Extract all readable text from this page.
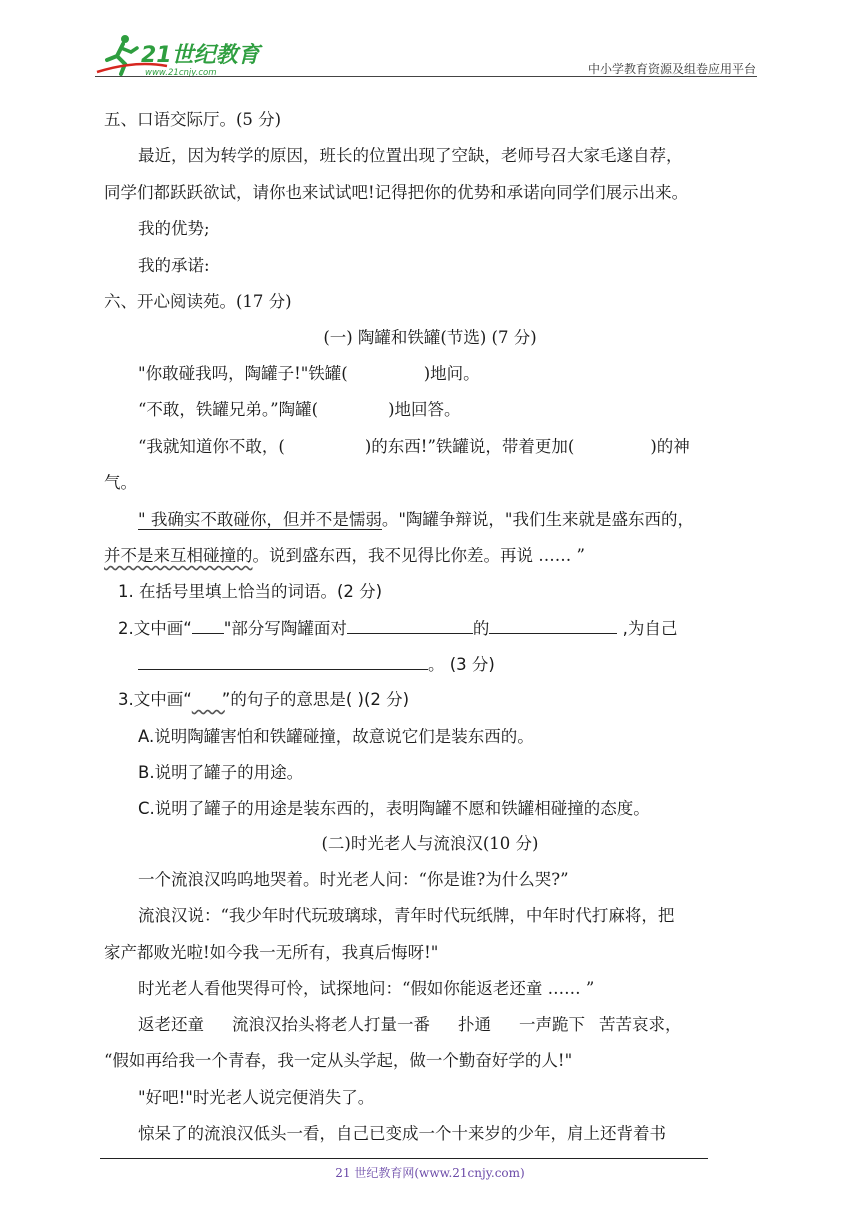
21世纪教育
www.21cnjy.com	中小学教育资源及组卷应用平台
五、口语交际厅。(5 分)
最近，因为转学的原因，班长的位置出现了空缺，老师号召大家毛遂自荐，
同学们都跃跃欲试，请你也来试试吧!记得把你的优势和承诺向同学们展示出来。
我的优势;
我的承诺:
六、开心阅读苑。(17 分)
(一) 陶罐和铁罐(节选) (7 分)
"你敢碰我吗，陶罐子!"铁罐(	)地问。
“不敢，铁罐兄弟。”陶罐(	)地回答。
“我就知道你不敢，(	)的东西!”铁罐说，带着更加(	)的神
气。
" 我确实不敢碰你，但并不是懦弱。"陶罐争辩说，"我们生来就是盛东西的，
并不是来互相碰撞的。说到盛东西，我不见得比你差。再说 …… ”
1. 在括号里填上恰当的词语。(2 分)
2.文中画“ "部分写陶罐面对	的	,为自己
。 (3 分)
3.文中画“ ”的句子的意思是( )(2 分)
A.说明陶罐害怕和铁罐碰撞，故意说它们是装东西的。
B.说明了罐子的用途。
C.说明了罐子的用途是装东西的，表明陶罐不愿和铁罐相碰撞的态度。
(二)时光老人与流浪汉(10 分)
一个流浪汉呜呜地哭着。时光老人问：“你是谁?为什么哭?”
流浪汉说：“我少年时代玩玻璃球，青年时代玩纸牌，中年时代打麻将，把
家产都败光啦!如今我一无所有，我真后悔呀!"
时光老人看他哭得可怜，试探地问：“假如你能返老还童 …… ”
返老还童 流浪汉抬头将老人打量一番 扑通 一声跪下 苦苦哀求，
“假如再给我一个青春，我一定从头学起，做一个勤奋好学的人!"
"好吧!"时光老人说完便消失了。
惊呆了的流浪汉低头一看，自己已变成一个十来岁的少年，肩上还背着书
21 世纪教育网(www.21cnjy.com)
